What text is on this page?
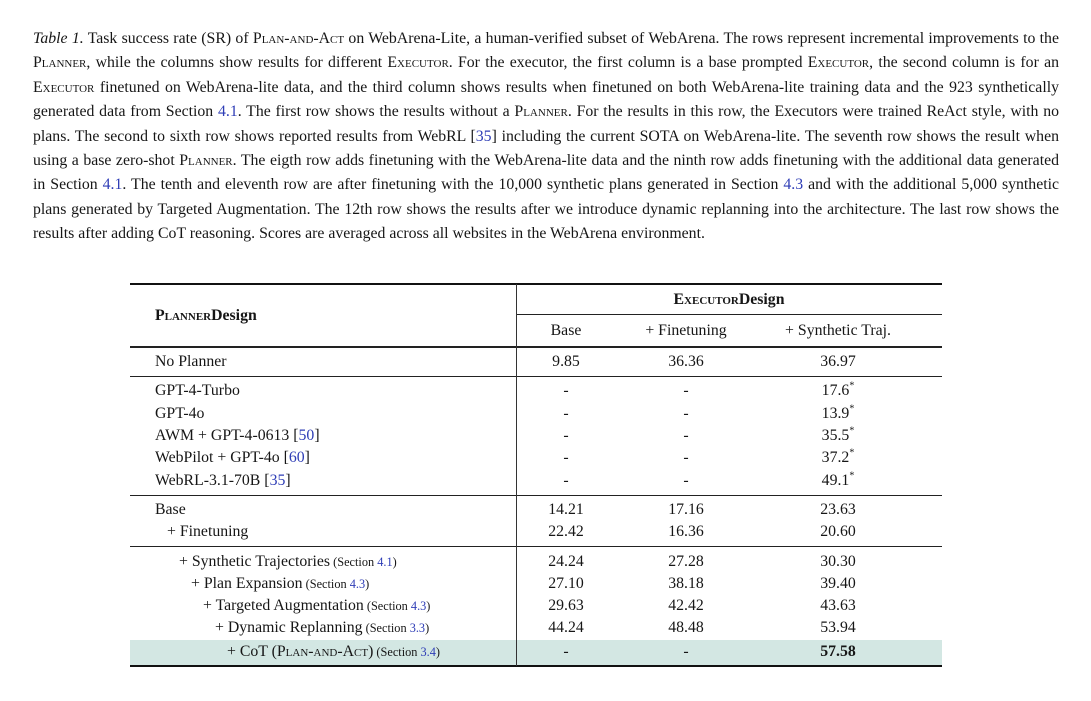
Table 1. Task success rate (SR) of Plan-and-Act on WebArena-Lite, a human-verified subset of WebArena. The rows represent incremental improvements to the Planner, while the columns show results for different Executor. For the executor, the first column is a base prompted Executor, the second column is for an Executor finetuned on WebArena-lite data, and the third column shows results when finetuned on both WebArena-lite training data and the 923 synthetically generated data from Section 4.1. The first row shows the results without a Planner. For the results in this row, the Executors were trained ReAct style, with no plans. The second to sixth row shows reported results from WebRL [35] including the current SOTA on WebArena-lite. The seventh row shows the result when using a base zero-shot Planner. The eigth row adds finetuning with the WebArena-lite data and the ninth row adds finetuning with the additional data generated in Section 4.1. The tenth and eleventh row are after finetuning with the 10,000 synthetic plans generated in Section 4.3 and with the additional 5,000 synthetic plans generated by Targeted Augmentation. The 12th row shows the results after we introduce dynamic replanning into the architecture. The last row shows the results after adding CoT reasoning. Scores are averaged across all websites in the WebArena environment.

Planner Design
Executor Design
Base	+ Finetuning	+ Synthetic Traj.
No Planner	9.85	36.36	36.97
GPT-4-Turbo	-	-	17.6*
GPT-4o	-	-	13.9*
AWM + GPT-4-0613 [50]	-	-	35.5*
WebPilot + GPT-4o [60]	-	-	37.2*
WebRL-3.1-70B [35]	-	-	49.1*
Base	14.21	17.16	23.63
+ Finetuning	22.42	16.36	20.60
+ Synthetic Trajectories (Section 4.1)	24.24	27.28	30.30
+ Plan Expansion (Section 4.3)	27.10	38.18	39.40
+ Targeted Augmentation (Section 4.3)	29.63	42.42	43.63
+ Dynamic Replanning (Section 3.3)	44.24	48.48	53.94
+ CoT (Plan-and-Act) (Section 3.4)	-	-	57.58
